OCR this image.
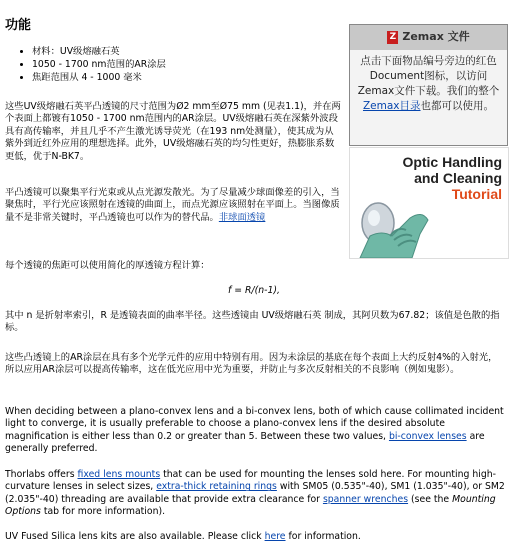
功能
• 材料：UV级熔融石英
• 1050 - 1700 nm范围的AR涂层
• 焦距范围从 4 - 1000 毫米

这些UV级熔融石英平凸透镜的尺寸范围为Ø2 mm至Ø75 mm (见表1.1)，并在两个表面上都镀有1050 - 1700 nm范围内的AR涂层。UV级熔融石英在深紫外波段具有高传输率，并且几乎不产生激光诱导荧光（在193 nm处测量），使其成为从紫外到近红外应用的理想选择。此外，UV级熔融石英的均匀性更好，热膨胀系数更低，优于N-BK7。

平凸透镜可以聚集平行光束或从点光源发散光。为了尽量减少球面像差的引入，当聚焦时，平行光应该照射在透镜的曲面上，而点光源应该照射在平面上。当图像质量不是非常关键时，平凸透镜也可以作为的替代品。非球面透镜

每个透镜的焦距可以使用简化的厚透镜方程计算：

f = R/(n-1),

其中 n 是折射率索引，R 是透镜表面的曲率半径。这些透镜由 UV级熔融石英 制成，其阿贝数为67.82；该值是色散的指标。

这些凸透镜上的AR涂层在具有多个光学元件的应用中特别有用。因为未涂层的基底在每个表面上大约反射4%的入射光，所以应用AR涂层可以提高传输率，这在低光应用中光为重要，并防止与多次反射相关的不良影响（例如鬼影）。

When deciding between a plano-convex lens and a bi-convex lens, both of which cause collimated incident light to converge, it is usually preferable to choose a plano-convex lens if the desired absolute magnification is either less than 0.2 or greater than 5. Between these two values, bi-convex lenses are generally preferred.

Thorlabs offers fixed lens mounts that can be used for mounting the lenses sold here. For mounting high-curvature lenses in select sizes, extra-thick retaining rings with SM05 (0.535"-40), SM1 (1.035"-40), or SM2 (2.035"-40) threading are available that provide extra clearance for spanner wrenches (see the Mounting Options tab for more information).

UV Fused Silica lens kits are also available. Please click here for information.

Z Zemax 文件
点击下面物品编号旁边的红色Document图标，以访问Zemax文件下载。我们的整个Zemax目录也都可以使用。
Optic Handling
and Cleaning
Tutorial
